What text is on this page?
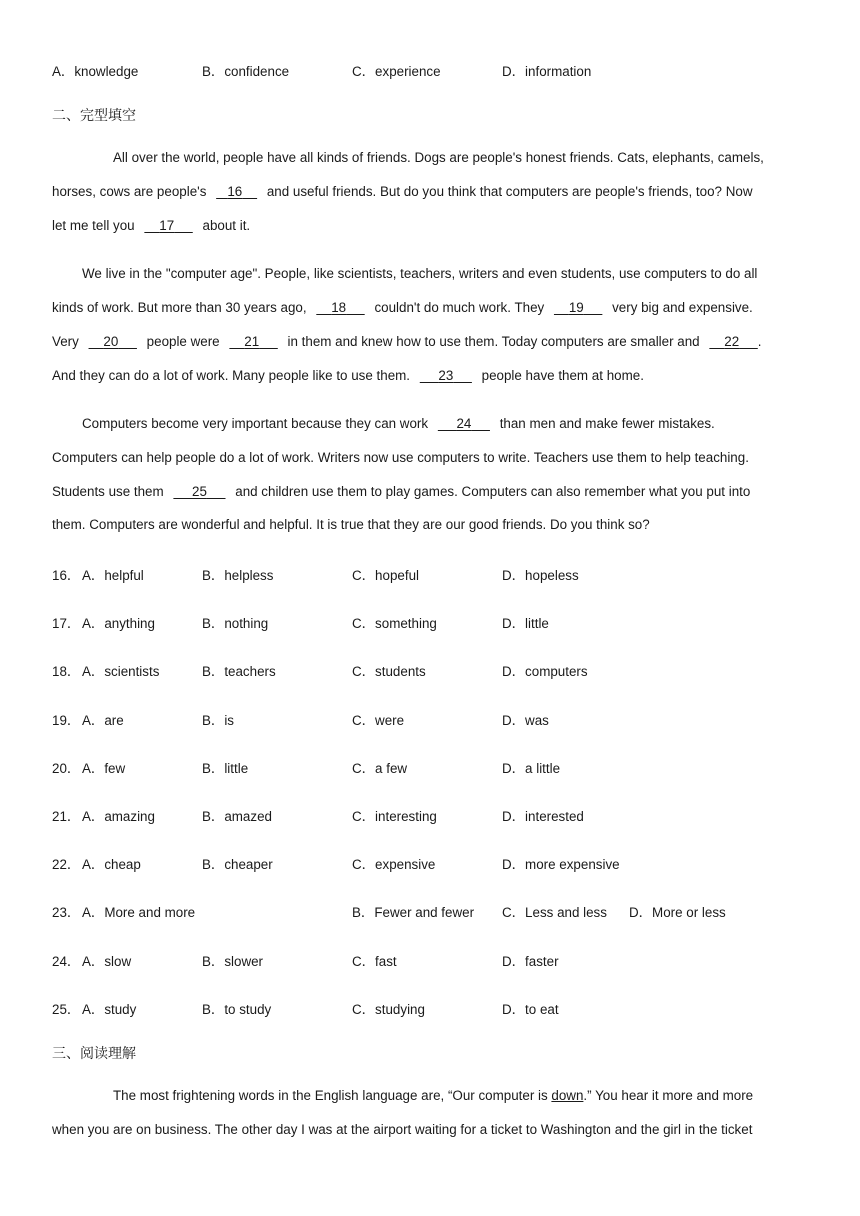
A．knowledge	B．confidence	C．experience	D．information
二、完型填空
All over the world, people have all kinds of friends. Dogs are people's honest friends. Cats, elephants, camels,
horses, cows are people's 16 and useful friends. But do you think that computers are people's friends, too? Now
let me tell you 17 about it.
We live in the "computer age". People, like scientists, teachers, writers and even students, use computers to do all
kinds of work. But more than 30 years ago, 18 couldn't do much work. They 19 very big and expensive.
Very 20 people were 21 in them and knew how to use them. Today computers are smaller and 22 .
And they can do a lot of work. Many people like to use them. 23 people have them at home.
Computers become very important because they can work 24 than men and make fewer mistakes.
Computers can help people do a lot of work. Writers now use computers to write. Teachers use them to help teaching.
Students use them 25 and children use them to play games. Computers can also remember what you put into
them. Computers are wonderful and helpful. It is true that they are our good friends. Do you think so?
16． A．helpful	B．helpless	C．hopeful	D．hopeless
17． A．anything	B．nothing	C．something	D．little
18． A．scientists	B．teachers	C．students	D．computers
19． A．are	B．is	C．were	D．was
20． A．few	B．little	C．a few	D．a little
21． A．amazing	B．amazed	C．interesting	D．interested
22． A．cheap	B．cheaper	C．expensive	D．more expensive
23． A．More and more	B．Fewer and fewer C．Less and less D．More or less
24． A．slow	B．slower	C．fast	D．faster
25． A．study	B．to study	C．studying	D．to eat
三、阅读理解
The most frightening words in the English language are, “Our computer is down.” You hear it more and more
when you are on business. The other day I was at the airport waiting for a ticket to Washington and the girl in the ticket
